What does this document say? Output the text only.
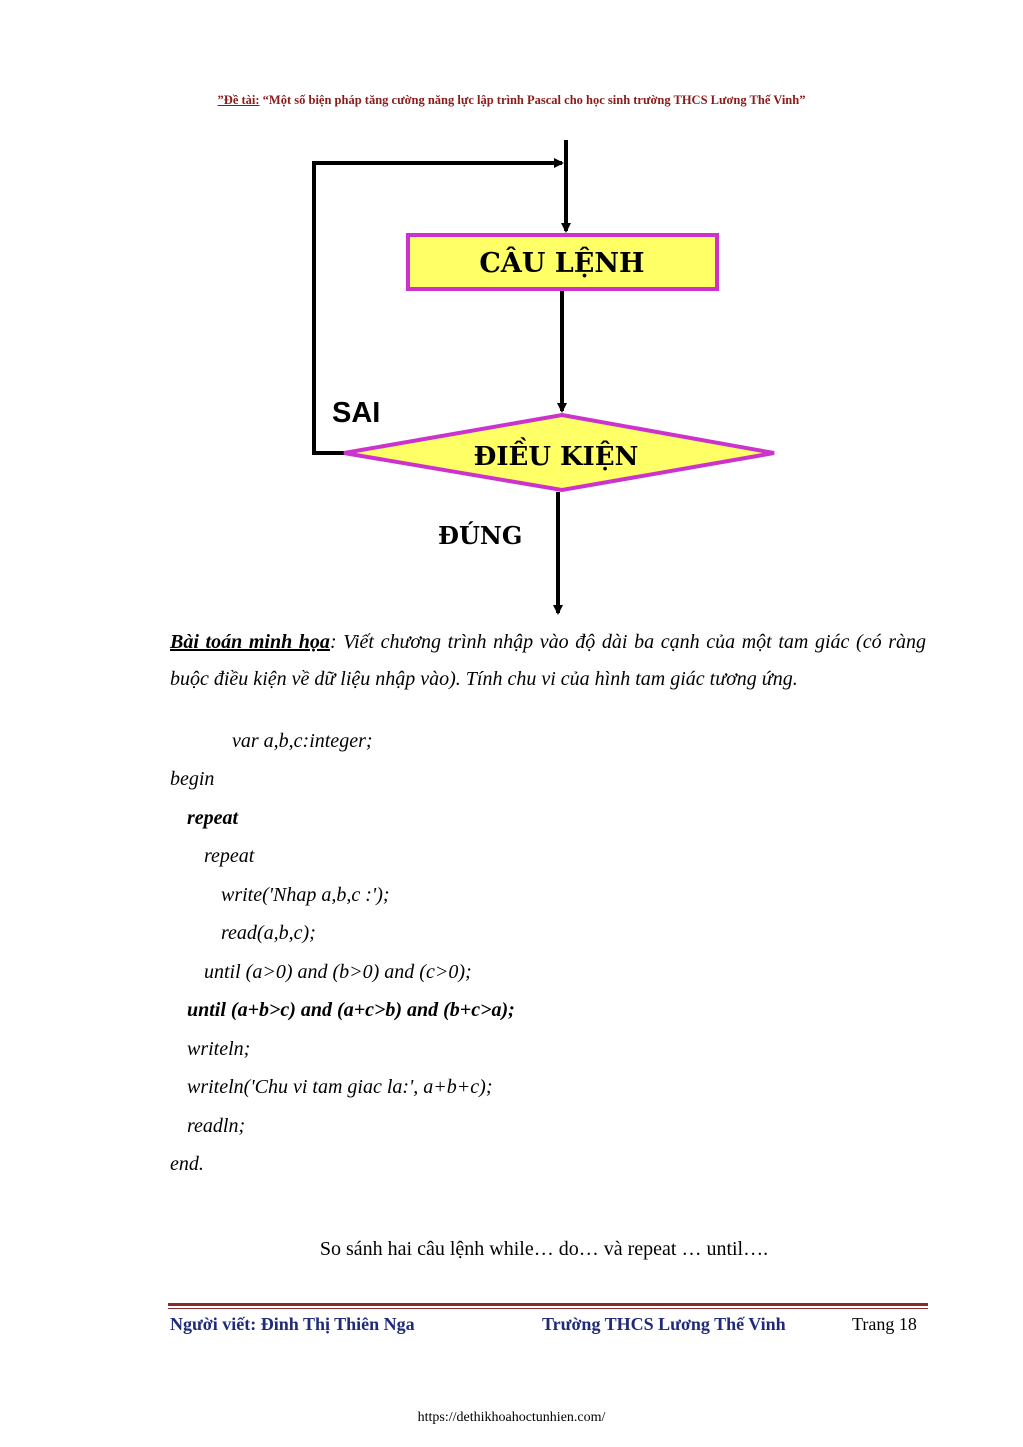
”Đề tài: “Một số biện pháp tăng cường năng lực lập trình Pascal cho học sinh trường THCS Lương Thế Vinh”
CÂU LỆNH
ĐIỀU KIỆN
SAI
ĐÚNG
Bài toán minh họa: Viết chương trình nhập vào độ dài ba cạnh của một tam giác (có ràng buộc điều kiện về dữ liệu nhập vào). Tính chu vi của hình tam giác tương ứng.
var a,b,c:integer;
begin
repeat
repeat
write('Nhap a,b,c :');
read(a,b,c);
until (a>0) and (b>0) and (c>0);
until (a+b>c) and (a+c>b) and (b+c>a);
writeln;
writeln('Chu vi tam giac la:', a+b+c);
readln;
end.
So sánh hai câu lệnh while… do… và repeat … until….
Người viết: Đinh Thị Thiên Nga	Trường THCS Lương Thế Vinh	Trang 18
https://dethikhoahoctunhien.com/
